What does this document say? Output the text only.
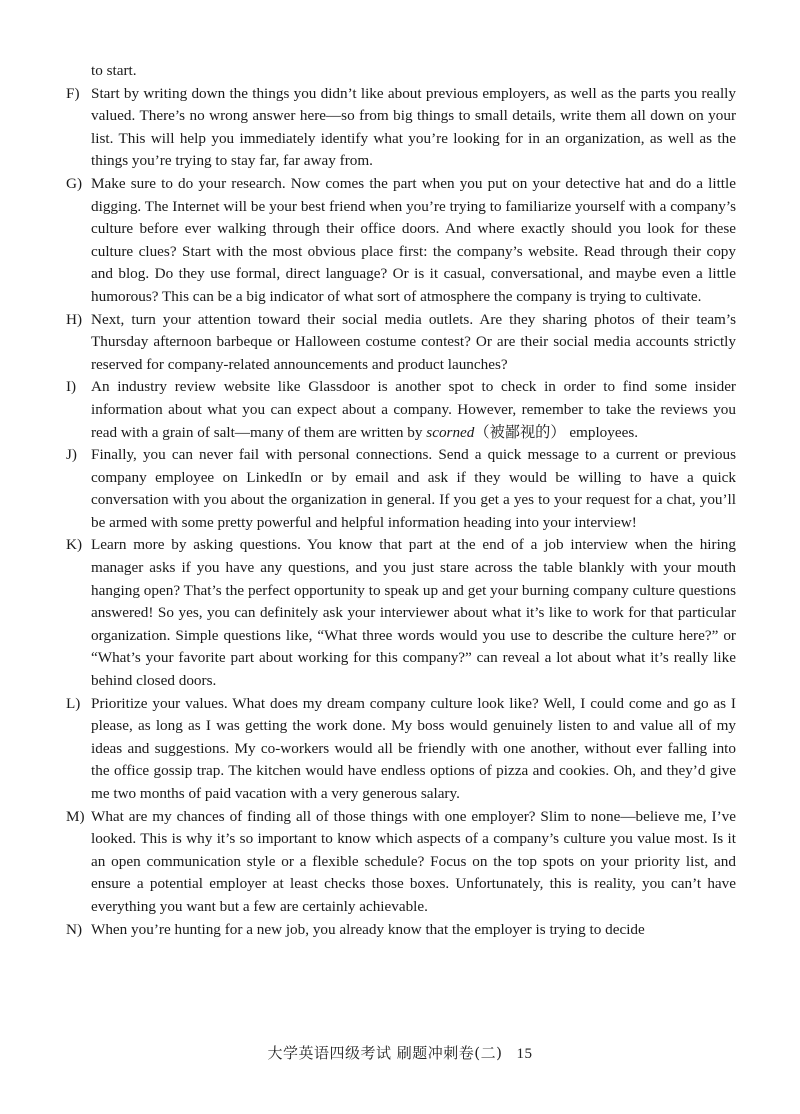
to start.
F) Start by writing down the things you didn’t like about previous employers, as well as the parts you really valued. There’s no wrong answer here—so from big things to small details, write them all down on your list. This will help you immediately identify what you’re looking for in an organization, as well as the things you’re trying to stay far, far away from.
G) Make sure to do your research. Now comes the part when you put on your detective hat and do a little digging. The Internet will be your best friend when you’re trying to familiarize yourself with a company’s culture before ever walking through their office doors. And where exactly should you look for these culture clues? Start with the most obvious place first: the company’s website. Read through their copy and blog. Do they use formal, direct language? Or is it casual, conversational, and maybe even a little humorous? This can be a big indicator of what sort of atmosphere the company is trying to cultivate.
H) Next, turn your attention toward their social media outlets. Are they sharing photos of their team’s Thursday afternoon barbeque or Halloween costume contest? Or are their social media accounts strictly reserved for company-related announcements and product launches?
I) An industry review website like Glassdoor is another spot to check in order to find some insider information about what you can expect about a company. However, remember to take the reviews you read with a grain of salt—many of them are written by scorned（被鄙视的） employees.
J) Finally, you can never fail with personal connections. Send a quick message to a current or previous company employee on LinkedIn or by email and ask if they would be willing to have a quick conversation with you about the organization in general. If you get a yes to your request for a chat, you’ll be armed with some pretty powerful and helpful information heading into your interview!
K) Learn more by asking questions. You know that part at the end of a job interview when the hiring manager asks if you have any questions, and you just stare across the table blankly with your mouth hanging open? That’s the perfect opportunity to speak up and get your burning company culture questions answered! So yes, you can definitely ask your interviewer about what it’s like to work for that particular organization. Simple questions like, “What three words would you use to describe the culture here?” or “What’s your favorite part about working for this company?” can reveal a lot about what it’s really like behind closed doors.
L) Prioritize your values. What does my dream company culture look like? Well, I could come and go as I please, as long as I was getting the work done. My boss would genuinely listen to and value all of my ideas and suggestions. My co-workers would all be friendly with one another, without ever falling into the office gossip trap. The kitchen would have endless options of pizza and cookies. Oh, and they’d give me two months of paid vacation with a very generous salary.
M) What are my chances of finding all of those things with one employer? Slim to none—believe me, I’ve looked. This is why it’s so important to know which aspects of a company’s culture you value most. Is it an open communication style or a flexible schedule? Focus on the top spots on your priority list, and ensure a potential employer at least checks those boxes. Unfortunately, this is reality, you can’t have everything you want but a few are certainly achievable.
N) When you’re hunting for a new job, you already know that the employer is trying to decide
大学英语四级考试 刷题冲刺卷(二) 15
